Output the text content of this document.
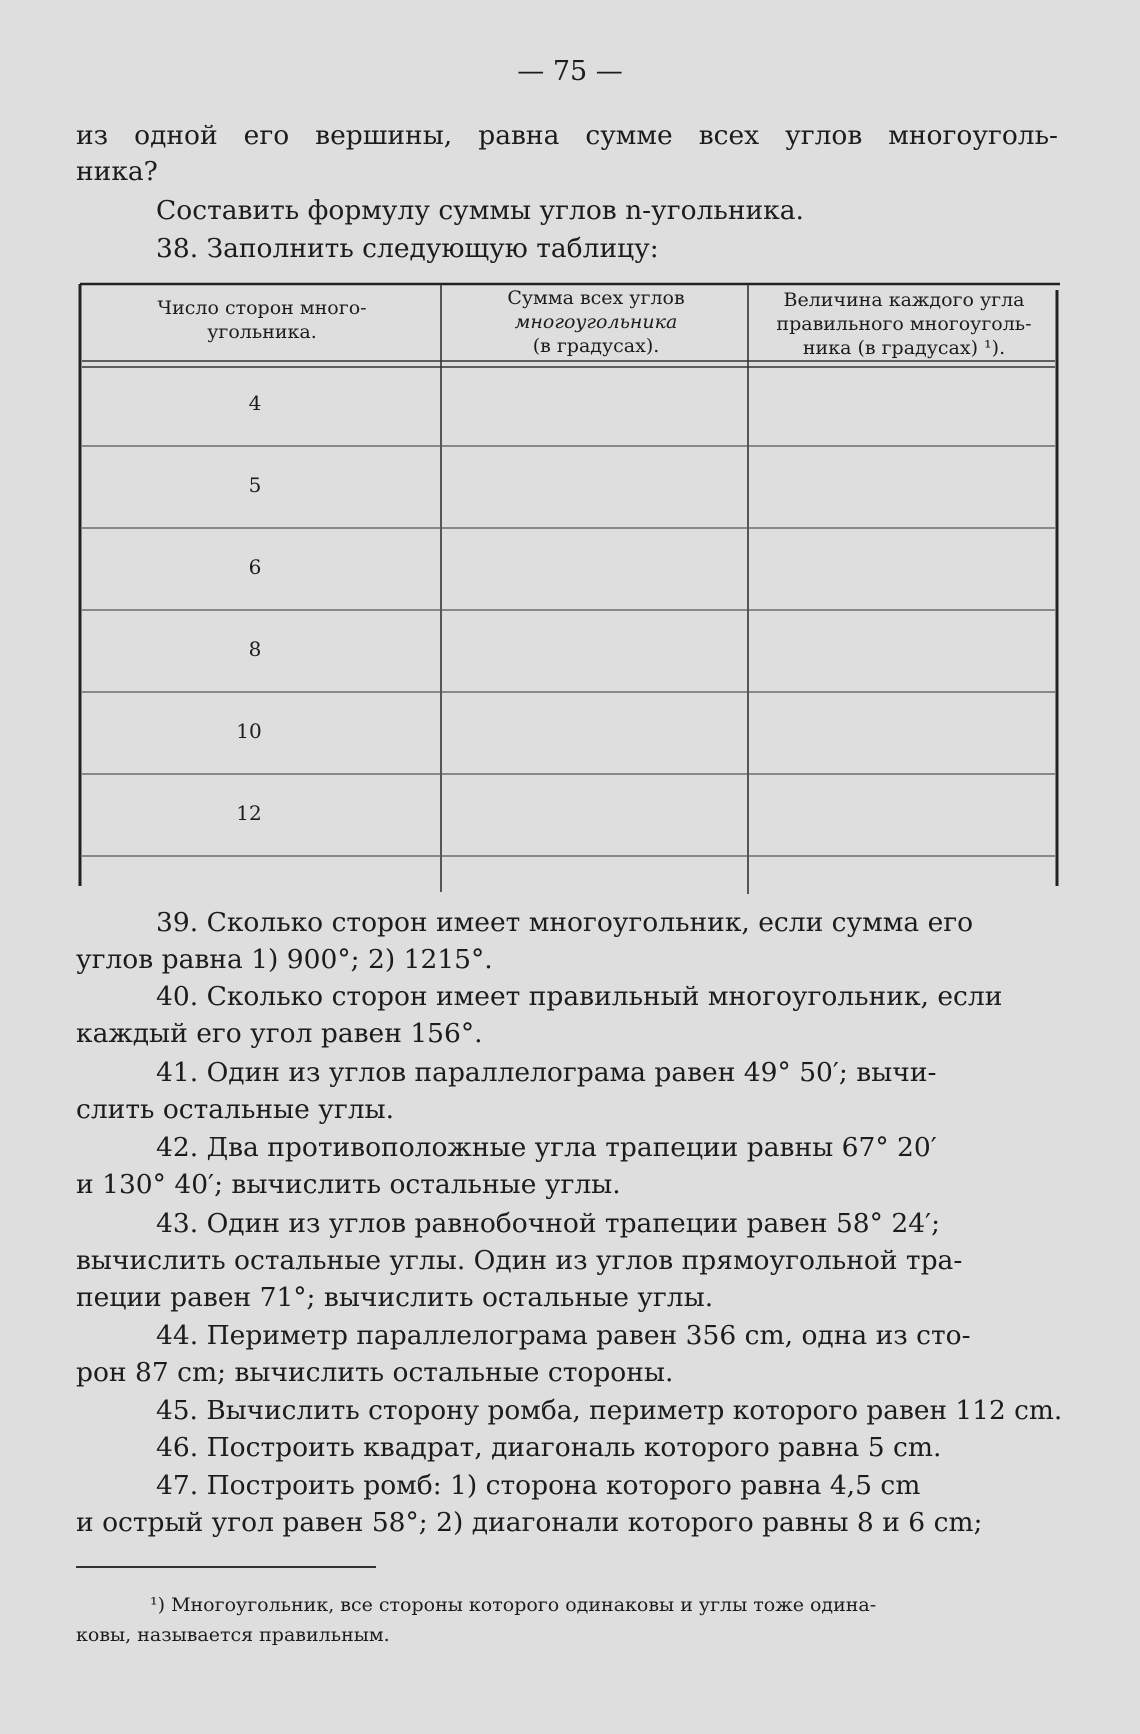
— 75 —

из одной его вершины, равна сумме всех углов многоуголь-

ника?

Составить формулу суммы углов n-угольника.

38. Заполнить следующую таблицу:

Число сторон много-
угольника.
Сумма всех углов
многоугольника
(в градусах).
Величина каждого угла
правильного многоуголь-
ника (в градусах) ¹).
4
5
6
8
10
12

39. Сколько сторон имеет многоугольник, если сумма его

углов равна 1) 900°; 2) 1215°.

40. Сколько сторон имеет правильный многоугольник, если

каждый его угол равен 156°.

41. Один из углов параллелограма равен 49° 50′; вычи-

слить остальные углы.

42. Два противоположные угла трапеции равны 67° 20′

и 130° 40′; вычислить остальные углы.

43. Один из углов равнобочной трапеции равен 58° 24′;

вычислить остальные углы. Один из углов прямоугольной тра-

пеции равен 71°; вычислить остальные углы.

44. Периметр параллелограма равен 356 cm, одна из сто-

рон 87 cm; вычислить остальные стороны.

45. Вычислить сторону ромба, периметр которого равен 112 cm.

46. Построить квадрат, диагональ которого равна 5 cm.

47. Построить ромб: 1) сторона которого равна 4,5 cm

и острый угол равен 58°; 2) диагонали которого равны 8 и 6 cm;

¹) Многоугольник, все стороны которого одинаковы и углы тоже одина-

ковы, называется правильным.
